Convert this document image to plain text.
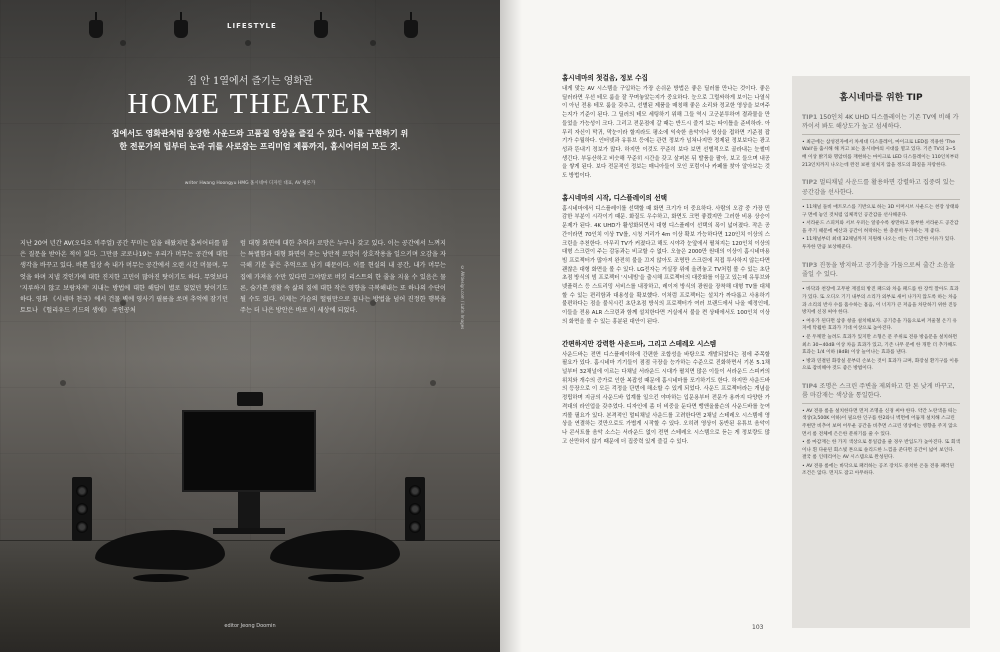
LIFESTYLE
집 안 1열에서 즐기는 영화관
HOME THEATER
집에서도 영화관처럼 웅장한 사운드와 고품질 영상을 즐길 수 있다. 이를 구현하기 위한 전문가의 팁부터 눈과 귀를 사로잡는 프리미엄 제품까지, 홈시어터의 모든 것.
writer Hwang Hoongyu HMG 홈시네마 디자인 대표, AV 평론가
© AVdesign.com / Latin Images
지난 20여 년간 AV(오디오 비주얼) 공간 꾸미는 일을 해왔지만 홈씨어터를 많은 질문을 받아온 적이 있다. 그만큼 코로나19는 우리가 머무는 공간에 대한 생각을 바꾸고 있다. 바쁜 일상 속 내가 머무는 공간에서 오랜 시간 머물며, 무엇을 하며 지낼 것인가에 대한 진지한 고민이 많아진 탓이기도 하다. 무엇보다 '지루하지 않고 보람차게' 지내는 방법에 대한 해답이 별로 없었던 탓이기도 하다. 영화 《시네마 천국》에서 건물 벽에 영사기 필름을 쏘며 추억에 잠기던 토토나 《헐리우드 키드의 생애》 주인공처
럼 대형 화면에 대한 추억과 로망은 누구나 갖고 있다. 이는 공간에서 느껴지는 특별함과 대형 화면이 주는 낭만적 로망이 상호작용을 일으키며 오감을 자극해 기분 좋은 추억으로 남기 때문이다. 이를 현실의 내 공간, 내가 머무는 집에 가져올 수만 있다면 그야말로 버킷 리스트의 한 줄을 지울 수 있음은 물론, 숨가쁜 생활 속 삶의 질에 대한 작은 영향을 극복해내는 또 하나의 수단이 될 수도 있다. 이제는 가슴의 떨림만으로 끝나는 방법을 넘어 진정한 행복을 주는 더 나은 방안은 바로 이 세상에 되었다.
editor Jeong Doomin
홈시네마의 첫걸음, 정보 수집

내게 맞는 AV 시스템을 구입하는 가장 손쉬운 방법은 좋은 딜러를 만나는 것이다. 좋은 딜러라면 우선 테모 룸을 잘 꾸며놓았는지가 중요하다. 눈으로 그럴싸하게 보이는 나열식이 아닌 전용 테모 룸을 갖추고, 선별된 제품을 매칭해 좋은 소리와 정교한 영상을 보여주는지가 기준이 된다. 그 딜러의 테모 세팅하기 위해 그들 역시 고군분투하여 결과물을 만들었을 가능성이 크다. 그리고 전문점에 갈 때는 반드시 즐겨 보는 타이틀을 준비하라. 아무리 자신이 막귀, 막눈이라 할지라도 평소에 익숙한 음악이나 영상을 접하면 기준점 잡기가 수월하다. 인터넷과 유튜브 등에는 관련 정보가 넘쳐나지만 정제된 정보보다는 광고성과 뜬내기 정보가 많다. 하지만 이것도 꾸준히 보다 보면 선별적으로 골라내는 눈썰미 생긴다. 부동산하고 비슷해 꾸준히 시간을 갖고 살펴본 뒤 발품을 팔아, 보고 들으며 내공을 쌓게 된다. 보다 전문적인 정보는 매니아들이 모인 포럼이나 카페를 찾아 알아보는 것도 방법이다.

홈시네마의 시작, 디스플레이의 선택

홈시네마에서 디스플레이를 선택할 때 화면 크기가 더 중요하다. 사람의 오감 중 가장 민감한 부분이 시각이기 때문. 화질도 우수하고, 화면도 크면 좋겠지만 그러한 비용 상승이 문제가 된다. 4K UHD가 활성화되면서 대형 디스플레이 선택의 폭이 넓어졌다. 작은 공간이라면 70인치 이상 TV를, 시청 거리가 4m 이상 확보 가능하다면 120인치 이상의 스크린을 추천한다. 아무리 TV가 커졌다고 해도 시야각 눈앞에서 펼쳐지는 120인치 이상의 대형 스크린이 주는 감동과는 비교할 수 없다. 오늘은 2000만 원대의 이상이 홈시네마용 빔 프로젝터가 많아져 완전히 불을 끄지 않아도 조명만 스크린에 직접 투사하지 않는다면 괜찮은 대형 화면을 볼 수 있다. LG전자는 거실장 위에 올려놓고 TV처럼 볼 수 있는 초단초점 방식의 빔 프로젝터 '시네빔'을 출시해 프로젝터의 대중화를 이끌고 있는데 유튜브와 넷플릭스 등 스트리밍 서비스를 내장하고, 레이저 방식의 광원을 장착해 대형 TV를 대체할 수 있는 편리함과 대용성을 확보했다. 이처럼 프로젝터는 설치가 까다롭고 사용하기 불편하다는 점을 불식시킨 초단초점 방식의 프로젝터가 여러 브랜드에서 나올 예정인데, 이들을 전용 ALR 스크린과 함께 설치한다면 거실에서 불을 켠 상태에서도 100인치 이상의 화면을 볼 수 있는 흥분된 대안이 된다.

간편하지만 강력한 사운드바, 그리고 스테레오 시스템

사운드바는 전면 디스플레이하에 간편한 조합성을 바탕으로 개발되었다는 점에 주목할 필요가 있다. 홈시네마 기기들이 점점 극장을 능가하는 수준으로 진화하면서 기본 5.1채널부터 32채널에 이르는 다채널 서라운드 시대가 펼치면 많은 이들이 서라운드 스피커의 위치와 개수의 증가로 인한 복잡성 때문에 홈시네마를 포기하기도 한다. 하지만 사운드바의 등장으로 이 모든 걱정을 단번에 해소할 수 있게 되었다. 사운드 프로젝터라는 개념을 정립하며 지금의 사운드바 업계를 일으킨 야마하는 입문용부터 전문가 용까지 다양한 가격대의 라인업을 갖추었다. 디자인에 좀 더 비중을 둔다면 뱅앤올룹슨의 사운드바를 눈여겨볼 필요가 있다. 본격적인 멀티채널 사운드를 고려한다면 2채널 스테레오 시스템에 영상을 연결하는 것만으로도 가볍게 시작할 수 있다. 오히려 영상이 동반된 유튜브 음악이나 콘서트를 음악 소스는 서라운드 없이 전면 스테레오 시스템으로 듣는 게 정보량도 많고 산만하지 않기 때문에 더 집중력 있게 즐길 수 있다.

홈시네마를 위한 TIP
TIP1 150인치 4K UHD 디스플레이는 기존 TV에 비해 가까이서 봐도 해상도가 높고 섬세하다.
• 최근에는 삼성전자에서 차세대 디스플레이, 마이크로 LED를 적용한 'The Wall'을 출시해 해 커고 보는 홈시네마의 시대를 열고 있다. 기존 TV의 3~5배 이상 밝기와 명암비를 재현하는 마이크로 LED 디스플레이는 110인치부터 213인치까지 나오는데 완전 보편 일처지 않을 정도의 화질을 자랑한다.
TIP2 멀티채널 사운드를 활용하면 강렬하고 집중력 있는 공간감을 선사한다.
• 11채널 돌비 애트모스를 기반으로 하는 3D 이머시브 사운드는 천장 상태와 구 면에 놓인 것처럼 입체적인 공간감을 선사해준다.
• 서라운드 스피커와 서브 우퍼는 알중수록 창만하고 풍부한 서라운드 공간감을 주기 때문에 예산과 공간이 허락하는 한 충분히 투자하는 게 좋다.
• 11채널부터 최대 32채널까지 지원해 나오는 데는 더 그만한 이유가 있다. 투자한 만큼 보상해준다.
TIP3 진동을 방지하고 공기층을 가둠으로써 출간 소음을 줄일 수 있다.
• 바닥과 천장에 고무판 재질의 방진 패드와 차음 패드를 한 장씩 깔아도 효과가 있다. 또 오디오 기기 내부의 소리가 외부로 새어 나가지 않도록 하는 차음과 소리의 반사 수를 흡수하는 흡음, 이 너지가 큰 저음을 차단하기 위한 진동 방지에 신경 써야 한다.
• 여유가 된다면 삼중 창을 설치해보자. 공기층을 가둠으로써 겨울철 온기 유지에 탁월한 효과가 기대 이상으로 높아진다.
• 문 두께만 늘려도 효과가 있지만 소형은 문 주위로 전용 방음문을 설치하면 최소 30~40dB 이상 차음 효과가 있고, 기존 나무 문에 한 개만 더 추가해도 효과는 1/4 이하 (8dB) 이상 늘어나는 효과를 낸다.
• 방과 연결된 화장실 문부터 손보는 것이 효과가 크며, 화장실 환기구를 이용으로 잠비해야 것도 좋은 방법이다.
TIP4 조명은 스크린 주변을 제외하고 한 톤 낮게 바꾸고, 룸 마감재는 색상을 통일한다.
• AV 전용 룸을 설치한다면 먼저 조명을 신경 써야 한다. 약간 노란색을 띠는 색상(3,500K 이하)이 필요한 인구를 한2와니 벽면에 어둡게 설치해 스크린 주변만 비추어 보며 어두운 공간을 비추면 스크린 영상에는 영향을 주지 않으면서 룸 전체에 은은한 분위기를 줄 수 있다.
• 룸 마감재는 한 가지 색상으로 통일감을 줄 경우 반입도가 높아진다. 또 회색이나 흰 다운된 회스빛 톤으로 솔리드한 느낌을 준다면 공간이 넓어 보인다. 결국 룸 인테리어는 AV 시스템으로 완성된다.
• AV 전용 룸에는 바닥으로 패러하는 공조 장치도 중치한 온돌 전용 패러된 조건은 않다. 먼지도 잠고 아무하다.
103
